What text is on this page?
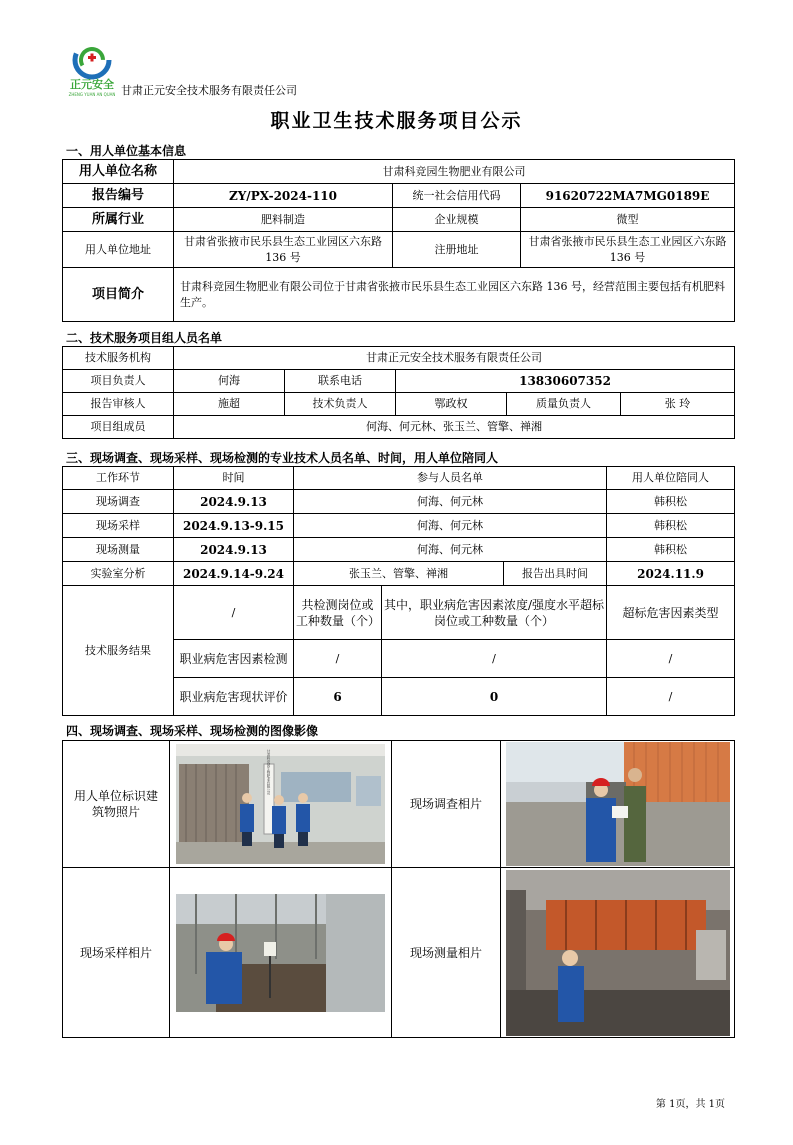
正元安全
ZHENG YUAN AN QUAN 甘肃正元安全技术服务有限责任公司
职业卫生技术服务项目公示
一、用人单位基本信息
用人单位名称	甘肃科竞园生物肥业有限公司		
报告编号	ZY/PX-2024-110	统一社会信用代码	91620722MA7MG0189E
所属行业	肥料制造	企业规模	微型
用人单位地址	甘肃省张掖市民乐县生态工业园区六东路 136 号	注册地址	甘肃省张掖市民乐县生态工业园区六东路 136 号
项目简介	甘肃科竞园生物肥业有限公司位于甘肃省张掖市民乐县生态工业园区六东路 136 号，经营范围主要包括有机肥料生产。		
二、技术服务项目组人员名单
技术服务机构	甘肃正元安全技术服务有限责任公司				
项目负责人	何海	联系电话	13830607352		
报告审核人	施超	技术负责人	鄂政权	质量负责人	张 玲
项目组成员	何海、何元林、张玉兰、管擎、禅湘				
三、现场调查、现场采样、现场检测的专业技术人员名单、时间，用人单位陪同人
工作环节	时间	参与人员名单			用人单位陪同人
现场调查	2024.9.13	何海、何元林			韩积松
现场采样	2024.9.13-9.15	何海、何元林			韩积松
现场测量	2024.9.13	何海、何元林			韩积松
实验室分析	2024.9.14-9.24	张玉兰、管擎、禅湘		报告出具时间	2024.11.9
技术服务结果	/	共检测岗位或工种数量（个）	其中，职业病危害因素浓度/强度水平超标岗位或工种数量（个）		超标危害因素类型
	职业病危害因素检测	/	/		/
	职业病危害现状评价	6	0		/
四、现场调查、现场采样、现场检测的图像影像
用人单位标识建筑物照片	甘肃科竞园生物肥业有限公司	现场调查相片	

现场采样相片		现场测量相片	
第 1页，共 1页
